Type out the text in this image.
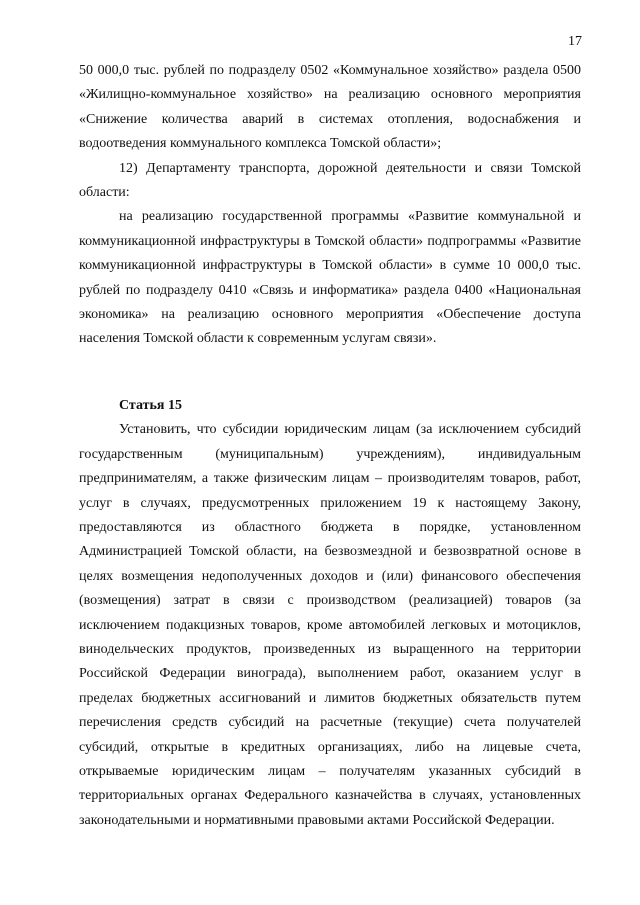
17

50 000,0 тыс. рублей по подразделу 0502 «Коммунальное хозяйство» раздела 0500 «Жилищно-коммунальное хозяйство» на реализацию основного мероприятия «Снижение количества аварий в системах отопления, водоснабжения и водоотведения коммунального комплекса Томской области»;

12) Департаменту транспорта, дорожной деятельности и связи Томской области:

на реализацию государственной программы «Развитие коммунальной и коммуникационной инфраструктуры в Томской области» подпрограммы «Развитие коммуникационной инфраструктуры в Томской области» в сумме 10 000,0 тыс. рублей по подразделу 0410 «Связь и информатика» раздела 0400 «Национальная экономика» на реализацию основного мероприятия «Обеспечение доступа населения Томской области к современным услугам связи».

Статья 15

Установить, что субсидии юридическим лицам (за исключением субсидий государственным (муниципальным) учреждениям), индивидуальным предпринимателям, а также физическим лицам – производителям товаров, работ, услуг в случаях, предусмотренных приложением 19 к настоящему Закону, предоставляются из областного бюджета в порядке, установленном Администрацией Томской области, на безвозмездной и безвозвратной основе в целях возмещения недополученных доходов и (или) финансового обеспечения (возмещения) затрат в связи с производством (реализацией) товаров (за исключением подакцизных товаров, кроме автомобилей легковых и мотоциклов, винодельческих продуктов, произведенных из выращенного на территории Российской Федерации винограда), выполнением работ, оказанием услуг в пределах бюджетных ассигнований и лимитов бюджетных обязательств путем перечисления средств субсидий на расчетные (текущие) счета получателей субсидий, открытые в кредитных организациях, либо на лицевые счета, открываемые юридическим лицам – получателям указанных субсидий в территориальных органах Федерального казначейства в случаях, установленных законодательными и нормативными правовыми актами Российской Федерации.
